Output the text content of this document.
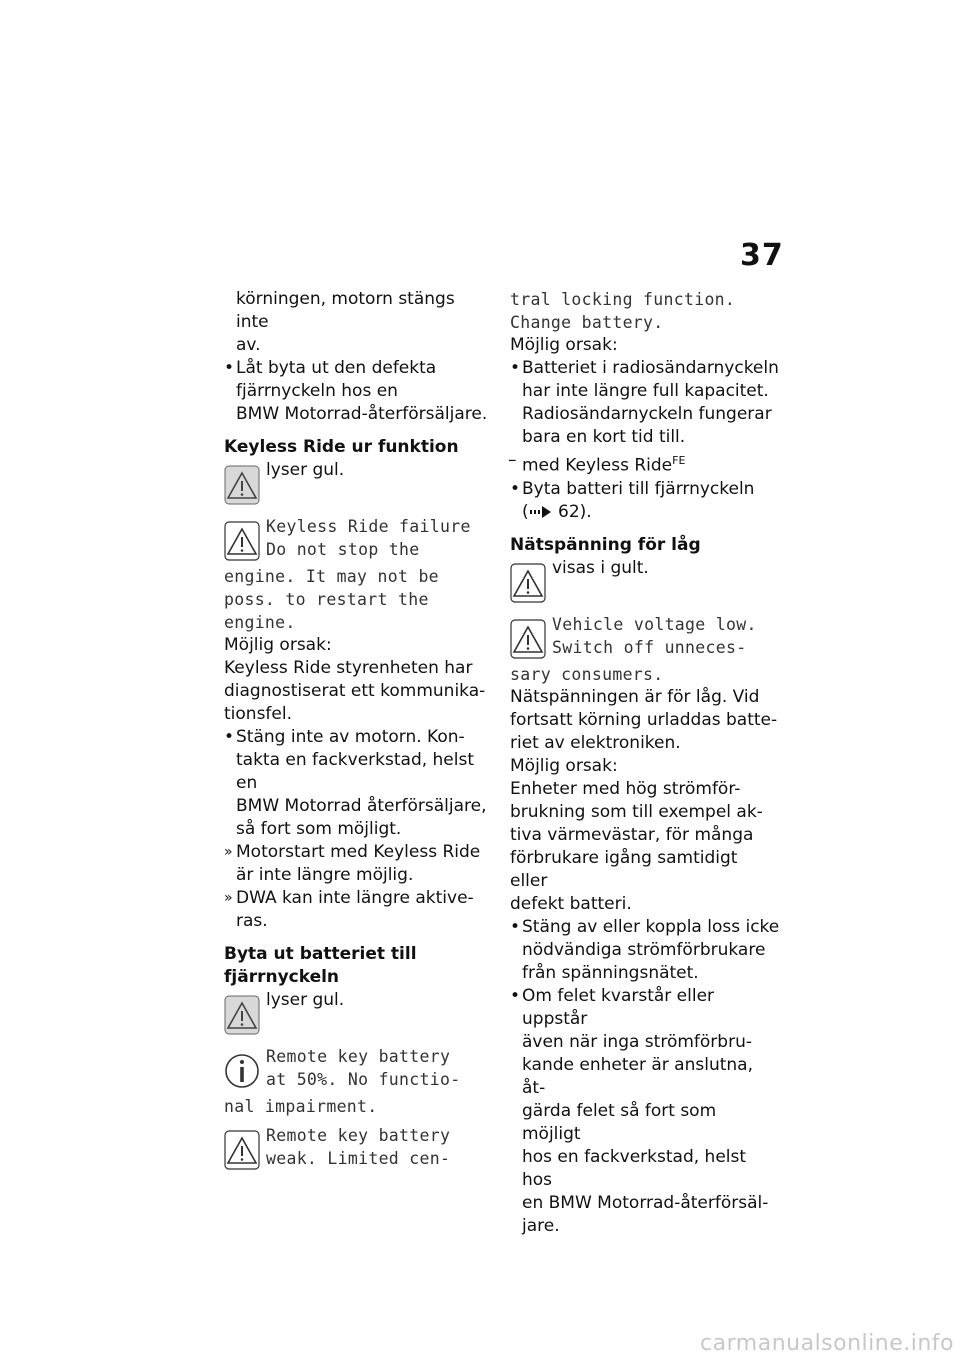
37
körningen, motorn stängs inte
av.
• Låt byta ut den defekta
fjärrnyckeln hos en
BMW Motorrad-återförsäljare.
Keyless Ride ur funktion
lyser gul.
Keyless Ride failure
Do not stop the
engine. It may not be
poss. to restart the
engine.
Möjlig orsak:
Keyless Ride styrenheten har
diagnostiserat ett kommunika-
tionsfel.
• Stäng inte av motorn. Kon-
takta en fackverkstad, helst en
BMW Motorrad återförsäljare,
så fort som möjligt.
» Motorstart med Keyless Ride
är inte längre möjlig.
» DWA kan inte längre aktive-
ras.
Byta ut batteriet till
fjärrnyckeln
lyser gul.
Remote key battery
at 50%. No functio-
nal impairment.
Remote key battery
weak. Limited cen-
tral locking function.
Change battery.
Möjlig orsak:
• Batteriet i radiosändarnyckeln
har inte längre full kapacitet.
Radiosändarnyckeln fungerar
bara en kort tid till.
– med Keyless Ride$^{FE}$
• Byta batteri till fjärrnyckeln
( 62).
Nätspänning för låg
visas i gult.
Vehicle voltage low.
Switch off unneces-
sary consumers.
Nätspänningen är för låg. Vid
fortsatt körning urladdas batte-
riet av elektroniken.
Möjlig orsak:
Enheter med hög strömför-
brukning som till exempel ak-
tiva värmevästar, för många
förbrukare igång samtidigt eller
defekt batteri.
• Stäng av eller koppla loss icke
nödvändiga strömförbrukare
från spänningsnätet.
• Om felet kvarstår eller uppstår
även när inga strömförbru-
kande enheter är anslutna, åt-
gärda felet så fort som möjligt
hos en fackverkstad, helst hos
en BMW Motorrad-återförsäl-
jare.
carmanualsonline.info
